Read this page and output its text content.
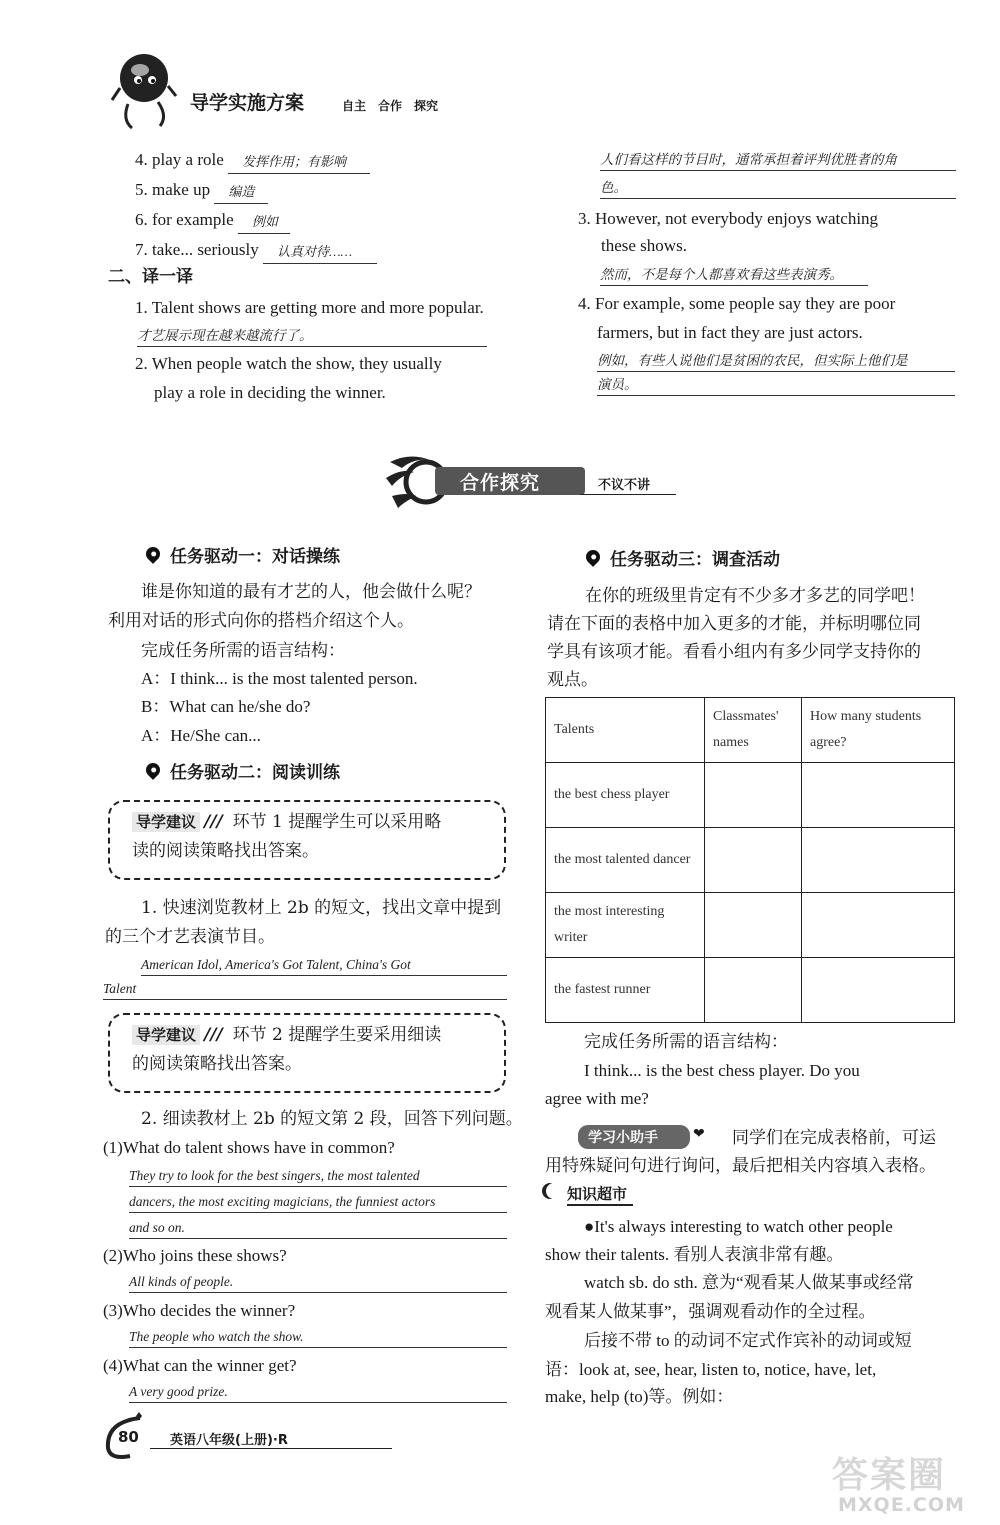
导学实施方案	自主　合作　探究
4. play a role 发挥作用；有影响
5. make up 编造
6. for example 例如
7. take... seriously 认真对待……
二、译一译
1. Talent shows are getting more and more popular.
才艺展示现在越来越流行了。
2. When people watch the show, they usually
play a role in deciding the winner.
人们看这样的节目时，通常承担着评判优胜者的角
色。
3. However, not everybody enjoys watching
these shows.
然而，不是每个人都喜欢看这些表演秀。
4. For example, some people say they are poor
farmers, but in fact they are just actors.
例如，有些人说他们是贫困的农民，但实际上他们是
演员。
合作探究	不议不讲
任务驱动一：对话操练
谁是你知道的最有才艺的人，他会做什么呢？
利用对话的形式向你的搭档介绍这个人。
完成任务所需的语言结构：
A：I think... is the most talented person.
B：What can he/she do?
A：He/She can...
任务驱动二：阅读训练
导学建议 /// 环节 1 提醒学生可以采用略
读的阅读策略找出答案。
1. 快速浏览教材上 2b 的短文，找出文章中提到
的三个才艺表演节目。
American Idol, America's Got Talent, China's Got
Talent
导学建议 /// 环节 2 提醒学生要采用细读
的阅读策略找出答案。
2. 细读教材上 2b 的短文第 2 段，回答下列问题。
(1)What do talent shows have in common?
They try to look for the best singers, the most talented
dancers, the most exciting magicians, the funniest actors
and so on.
(2)Who joins these shows?
All kinds of people.
(3)Who decides the winner?
The people who watch the show.
(4)What can the winner get?
A very good prize.
任务驱动三：调查活动
在你的班级里肯定有不少多才多艺的同学吧！
请在下面的表格中加入更多的才能，并标明哪位同
学具有该项才能。看看小组内有多少同学支持你的
观点。
Talents	Classmates' names	How many students agree?
the best chess player		
the most talented dancer		
the most interesting writer		
the fastest runner		
完成任务所需的语言结构：
I think... is the best chess player. Do you
agree with me?
学习小助手	❤ 同学们在完成表格前，可运
用特殊疑问句进行询问，最后把相关内容填入表格。
知识超市
●It's always interesting to watch other people
show their talents. 看别人表演非常有趣。
watch sb. do sth. 意为“观看某人做某事或经常
观看某人做某事”，强调观看动作的全过程。
后接不带 to 的动词不定式作宾补的动词或短
语：look at, see, hear, listen to, notice, have, let,
make, help (to)等。例如：
80 英语八年级(上册)·R
答案圈
MXQE.COM
